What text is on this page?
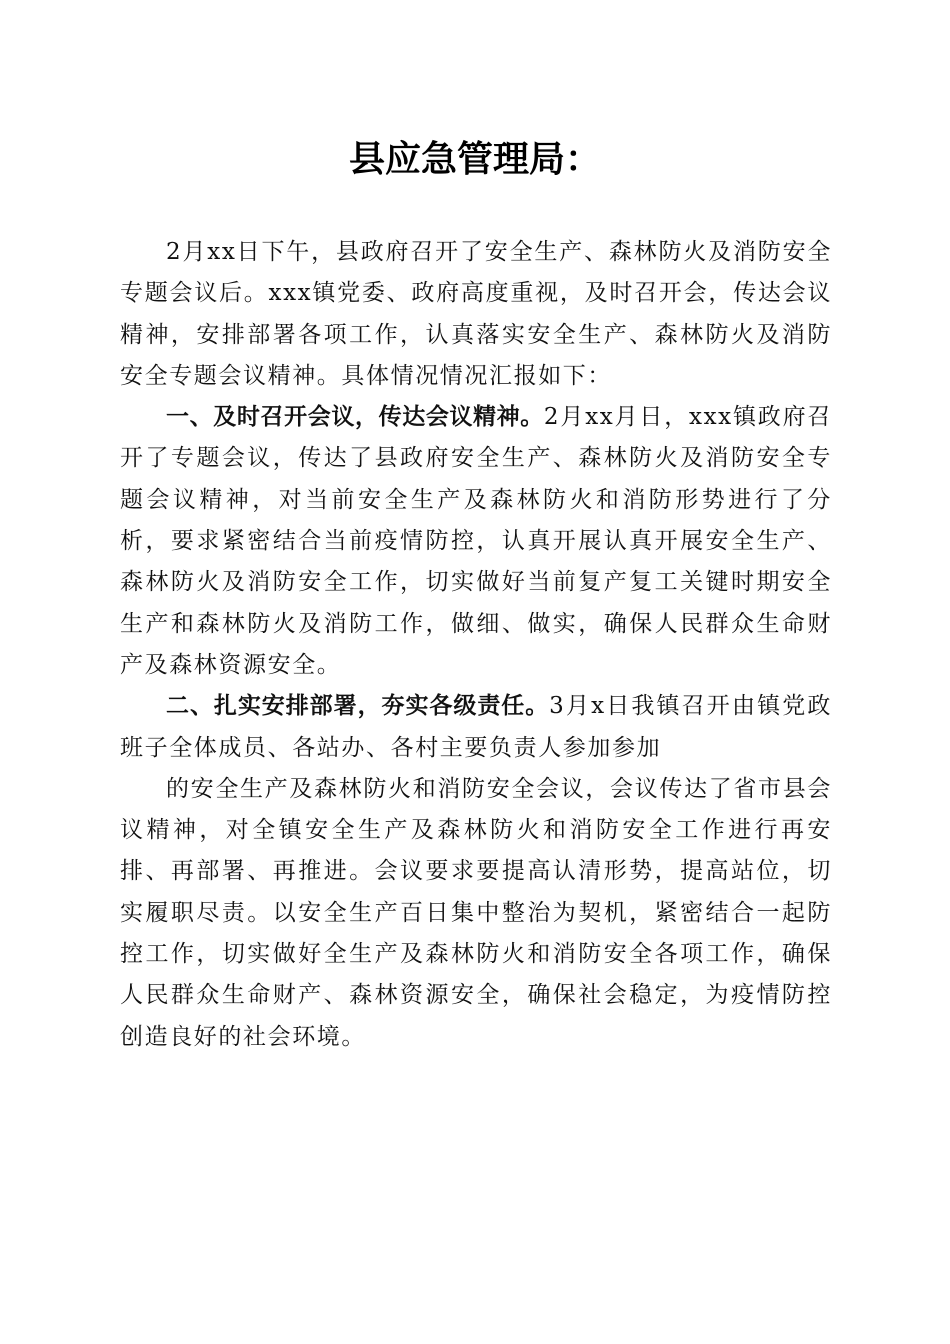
县应急管理局：

2月xx日下午，县政府召开了安全生产、森林防火及消防安全专题会议后。xxx镇党委、政府高度重视，及时召开会，传达会议精神，安排部署各项工作，认真落实安全生产、森林防火及消防安全专题会议精神。具体情况情况汇报如下：

一、及时召开会议，传达会议精神。2月xx月日，xxx镇政府召开了专题会议，传达了县政府安全生产、森林防火及消防安全专题会议精神，对当前安全生产及森林防火和消防形势进行了分析，要求紧密结合当前疫情防控，认真开展认真开展安全生产、森林防火及消防安全工作，切实做好当前复产复工关键时期安全生产和森林防火及消防工作，做细、做实，确保人民群众生命财产及森林资源安全。

二、扎实安排部署，夯实各级责任。3月x日我镇召开由镇党政班子全体成员、各站办、各村主要负责人参加参加

的安全生产及森林防火和消防安全会议，会议传达了省市县会议精神，对全镇安全生产及森林防火和消防安全工作进行再安排、再部署、再推进。会议要求要提高认清形势，提高站位，切实履职尽责。以安全生产百日集中整治为契机，紧密结合一起防控工作，切实做好全生产及森林防火和消防安全各项工作，确保人民群众生命财产、森林资源安全，确保社会稳定，为疫情防控创造良好的社会环境。
